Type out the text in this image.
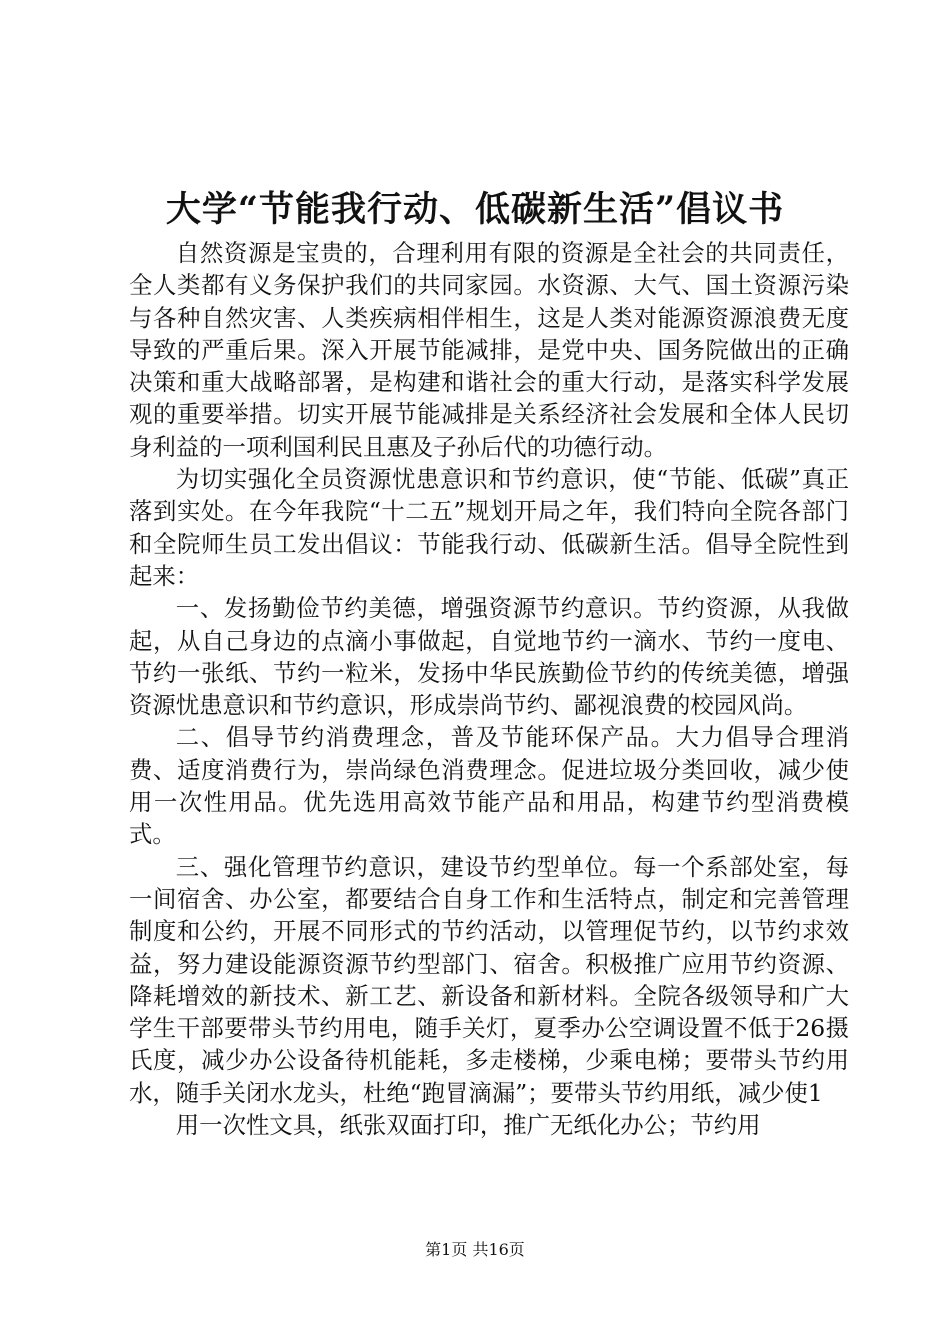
大学“节能我行动、低碳新生活”倡议书

自然资源是宝贵的，合理利用有限的资源是全社会的共同责任，全人类都有义务保护我们的共同家园。水资源、大气、国土资源污染与各种自然灾害、人类疾病相伴相生，这是人类对能源资源浪费无度导致的严重后果。深入开展节能减排，是党中央、国务院做出的正确决策和重大战略部署，是构建和谐社会的重大行动，是落实科学发展观的重要举措。切实开展节能减排是关系经济社会发展和全体人民切身利益的一项利国利民且惠及子孙后代的功德行动。

为切实强化全员资源忧患意识和节约意识，使“节能、低碳”真正落到实处。在今年我院“十二五”规划开局之年，我们特向全院各部门和全院师生员工发出倡议：节能我行动、低碳新生活。倡导全院性到起来：

一、发扬勤俭节约美德，增强资源节约意识。节约资源，从我做起，从自己身边的点滴小事做起，自觉地节约一滴水、节约一度电、节约一张纸、节约一粒米，发扬中华民族勤俭节约的传统美德，增强资源忧患意识和节约意识，形成崇尚节约、鄙视浪费的校园风尚。

二、倡导节约消费理念，普及节能环保产品。大力倡导合理消费、适度消费行为，崇尚绿色消费理念。促进垃圾分类回收，减少使用一次性用品。优先选用高效节能产品和用品，构建节约型消费模式。

三、强化管理节约意识，建设节约型单位。每一个系部处室，每一间宿舍、办公室，都要结合自身工作和生活特点，制定和完善管理制度和公约，开展不同形式的节约活动，以管理促节约，以节约求效益，努力建设能源资源节约型部门、宿舍。积极推广应用节约资源、降耗增效的新技术、新工艺、新设备和新材料。全院各级领导和广大学生干部要带头节约用电，随手关灯，夏季办公空调设置不低于26摄氏度，减少办公设备待机能耗，多走楼梯，少乘电梯；要带头节约用水，随手关闭水龙头，杜绝“跑冒滴漏”；要带头节约用纸，减少使1

用一次性文具，纸张双面打印，推广无纸化办公；节约用

第1页 共16页
